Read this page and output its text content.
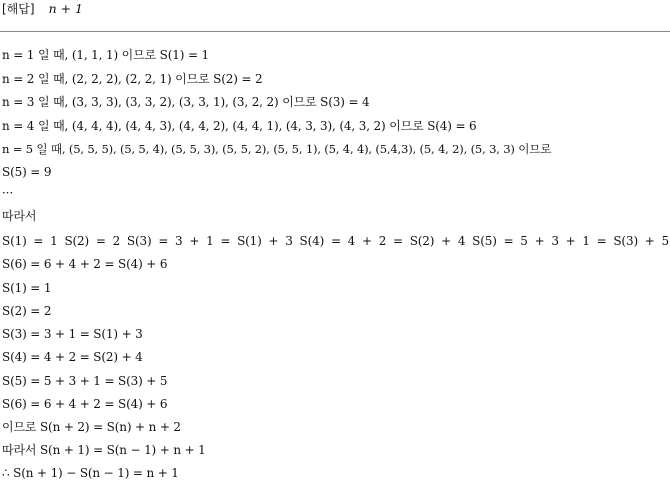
[해답] n + 1
n = 1 일 때, (1, 1, 1) 이므로 S(1) = 1
n = 2 일 때, (2, 2, 2), (2, 2, 1) 이므로 S(2) = 2
n = 3 일 때, (3, 3, 3), (3, 3, 2), (3, 3, 1), (3, 2, 2) 이므로 S(3) = 4
n = 4 일 때, (4, 4, 4), (4, 4, 3), (4, 4, 2), (4, 4, 1), (4, 3, 3), (4, 3, 2) 이므로 S(4) = 6
n = 5 일 때, (5, 5, 5), (5, 5, 4), (5, 5, 3), (5, 5, 2), (5, 5, 1), (5, 4, 4), (5,4,3), (5, 4, 2), (5, 3, 3) 이므로
S(5) = 9
···
따라서
S(1) = 1 S(2) = 2 S(3) = 3 + 1 = S(1) + 3 S(4) = 4 + 2 = S(2) + 4 S(5) = 5 + 3 + 1 = S(3) + 5
S(6) = 6 + 4 + 2 = S(4) + 6
S(1) = 1
S(2) = 2
S(3) = 3 + 1 = S(1) + 3
S(4) = 4 + 2 = S(2) + 4
S(5) = 5 + 3 + 1 = S(3) + 5
S(6) = 6 + 4 + 2 = S(4) + 6
이므로 S(n + 2) = S(n) + n + 2
따라서 S(n + 1) = S(n − 1) + n + 1
∴ S(n + 1) − S(n − 1) = n + 1
